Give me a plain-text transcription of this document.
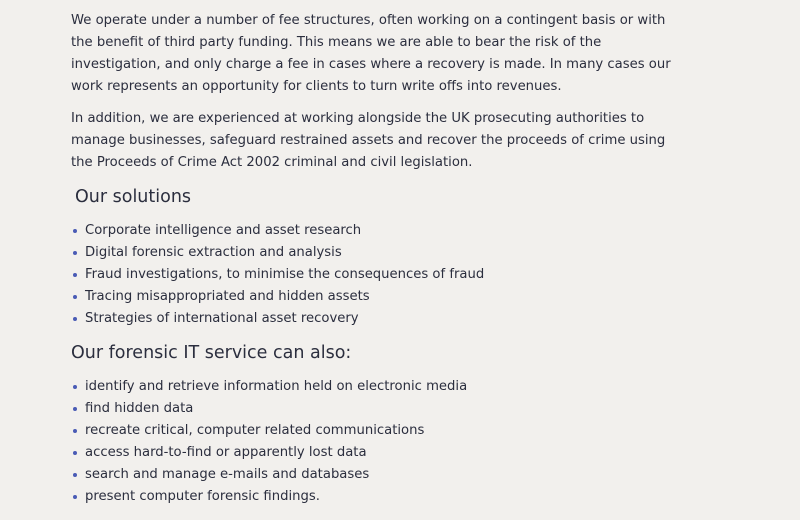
We operate under a number of fee structures, often working on a contingent basis or with the benefit of third party funding. This means we are able to bear the risk of the investigation, and only charge a fee in cases where a recovery is made. In many cases our work represents an opportunity for clients to turn write offs into revenues.

In addition, we are experienced at working alongside the UK prosecuting authorities to manage businesses, safeguard restrained assets and recover the proceeds of crime using the Proceeds of Crime Act 2002 criminal and civil legislation.

Our solutions
Corporate intelligence and asset research
Digital forensic extraction and analysis
Fraud investigations, to minimise the consequences of fraud
Tracing misappropriated and hidden assets
Strategies of international asset recovery
Our forensic IT service can also:
identify and retrieve information held on electronic media
find hidden data
recreate critical, computer related communications
access hard-to-find or apparently lost data
search and manage e-mails and databases
present computer forensic findings.
